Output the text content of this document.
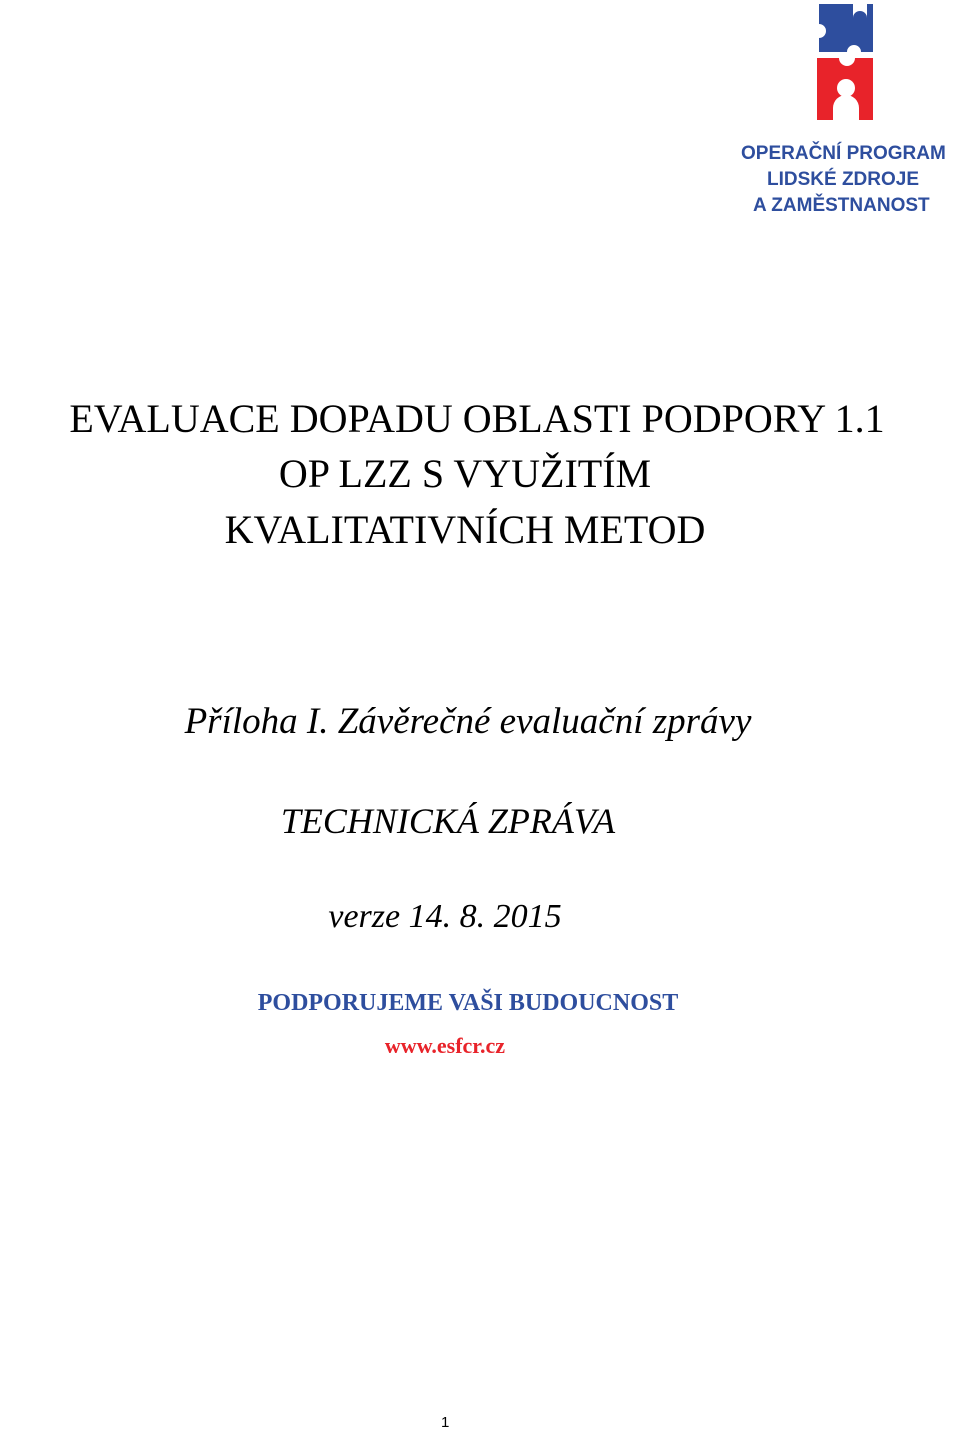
OPERAČNÍ PROGRAM
LIDSKÉ ZDROJE
A ZAMĚSTNANOST
EVALUACE DOPADU OBLASTI PODPORY 1.1
OP LZZ S VYUŽITÍM
KVALITATIVNÍCH METOD
Příloha I. Závěrečné evaluační zprávy
TECHNICKÁ ZPRÁVA
verze 14. 8. 2015
PODPORUJEME VAŠI BUDOUCNOST
www.esfcr.cz
1
